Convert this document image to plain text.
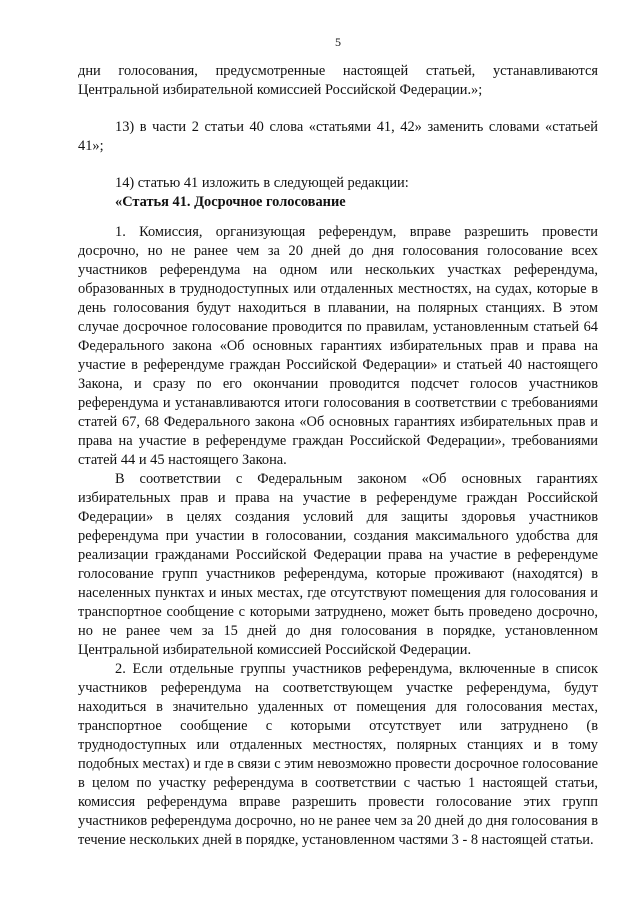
5

дни голосования, предусмотренные настоящей статьей, устанавливаются Центральной избирательной комиссией Российской Федерации.»;

13) в части 2 статьи 40 слова «статьями 41, 42» заменить словами «статьей 41»;

14) статью 41 изложить в следующей редакции:

«Статья 41. Досрочное голосование

1. Комиссия, организующая референдум, вправе разрешить провести досрочно, но не ранее чем за 20 дней до дня голосования голосование всех участников референдума на одном или нескольких участках референдума, образованных в труднодоступных или отдаленных местностях, на судах, которые в день голосования будут находиться в плавании, на полярных станциях. В этом случае досрочное голосование проводится по правилам, установленным статьей 64 Федерального закона «Об основных гарантиях избирательных прав и права на участие в референдуме граждан Российской Федерации» и статьей 40 настоящего Закона, и сразу по его окончании проводится подсчет голосов участников референдума и устанавливаются итоги голосования в соответствии с требованиями статей 67, 68 Федерального закона «Об основных гарантиях избирательных прав и права на участие в референдуме граждан Российской Федерации», требованиями статей 44 и 45 настоящего Закона.

В соответствии с Федеральным законом «Об основных гарантиях избирательных прав и права на участие в референдуме граждан Российской Федерации» в целях создания условий для защиты здоровья участников референдума при участии в голосовании, создания максимального удобства для реализации гражданами Российской Федерации права на участие в референдуме голосование групп участников референдума, которые проживают (находятся) в населенных пунктах и иных местах, где отсутствуют помещения для голосования и транспортное сообщение с которыми затруднено, может быть проведено досрочно, но не ранее чем за 15 дней до дня голосования в порядке, установленном Центральной избирательной комиссией Российской Федерации.

2. Если отдельные группы участников референдума, включенные в список участников референдума на соответствующем участке референдума, будут находиться в значительно удаленных от помещения для голосования местах, транспортное сообщение с которыми отсутствует или затруднено (в труднодоступных или отдаленных местностях, полярных станциях и в тому подобных местах) и где в связи с этим невозможно провести досрочное голосование в целом по участку референдума в соответствии с частью 1 настоящей статьи, комиссия референдума вправе разрешить провести голосование этих групп участников референдума досрочно, но не ранее чем за 20 дней до дня голосования в течение нескольких дней в порядке, установленном частями 3 - 8 настоящей статьи.
